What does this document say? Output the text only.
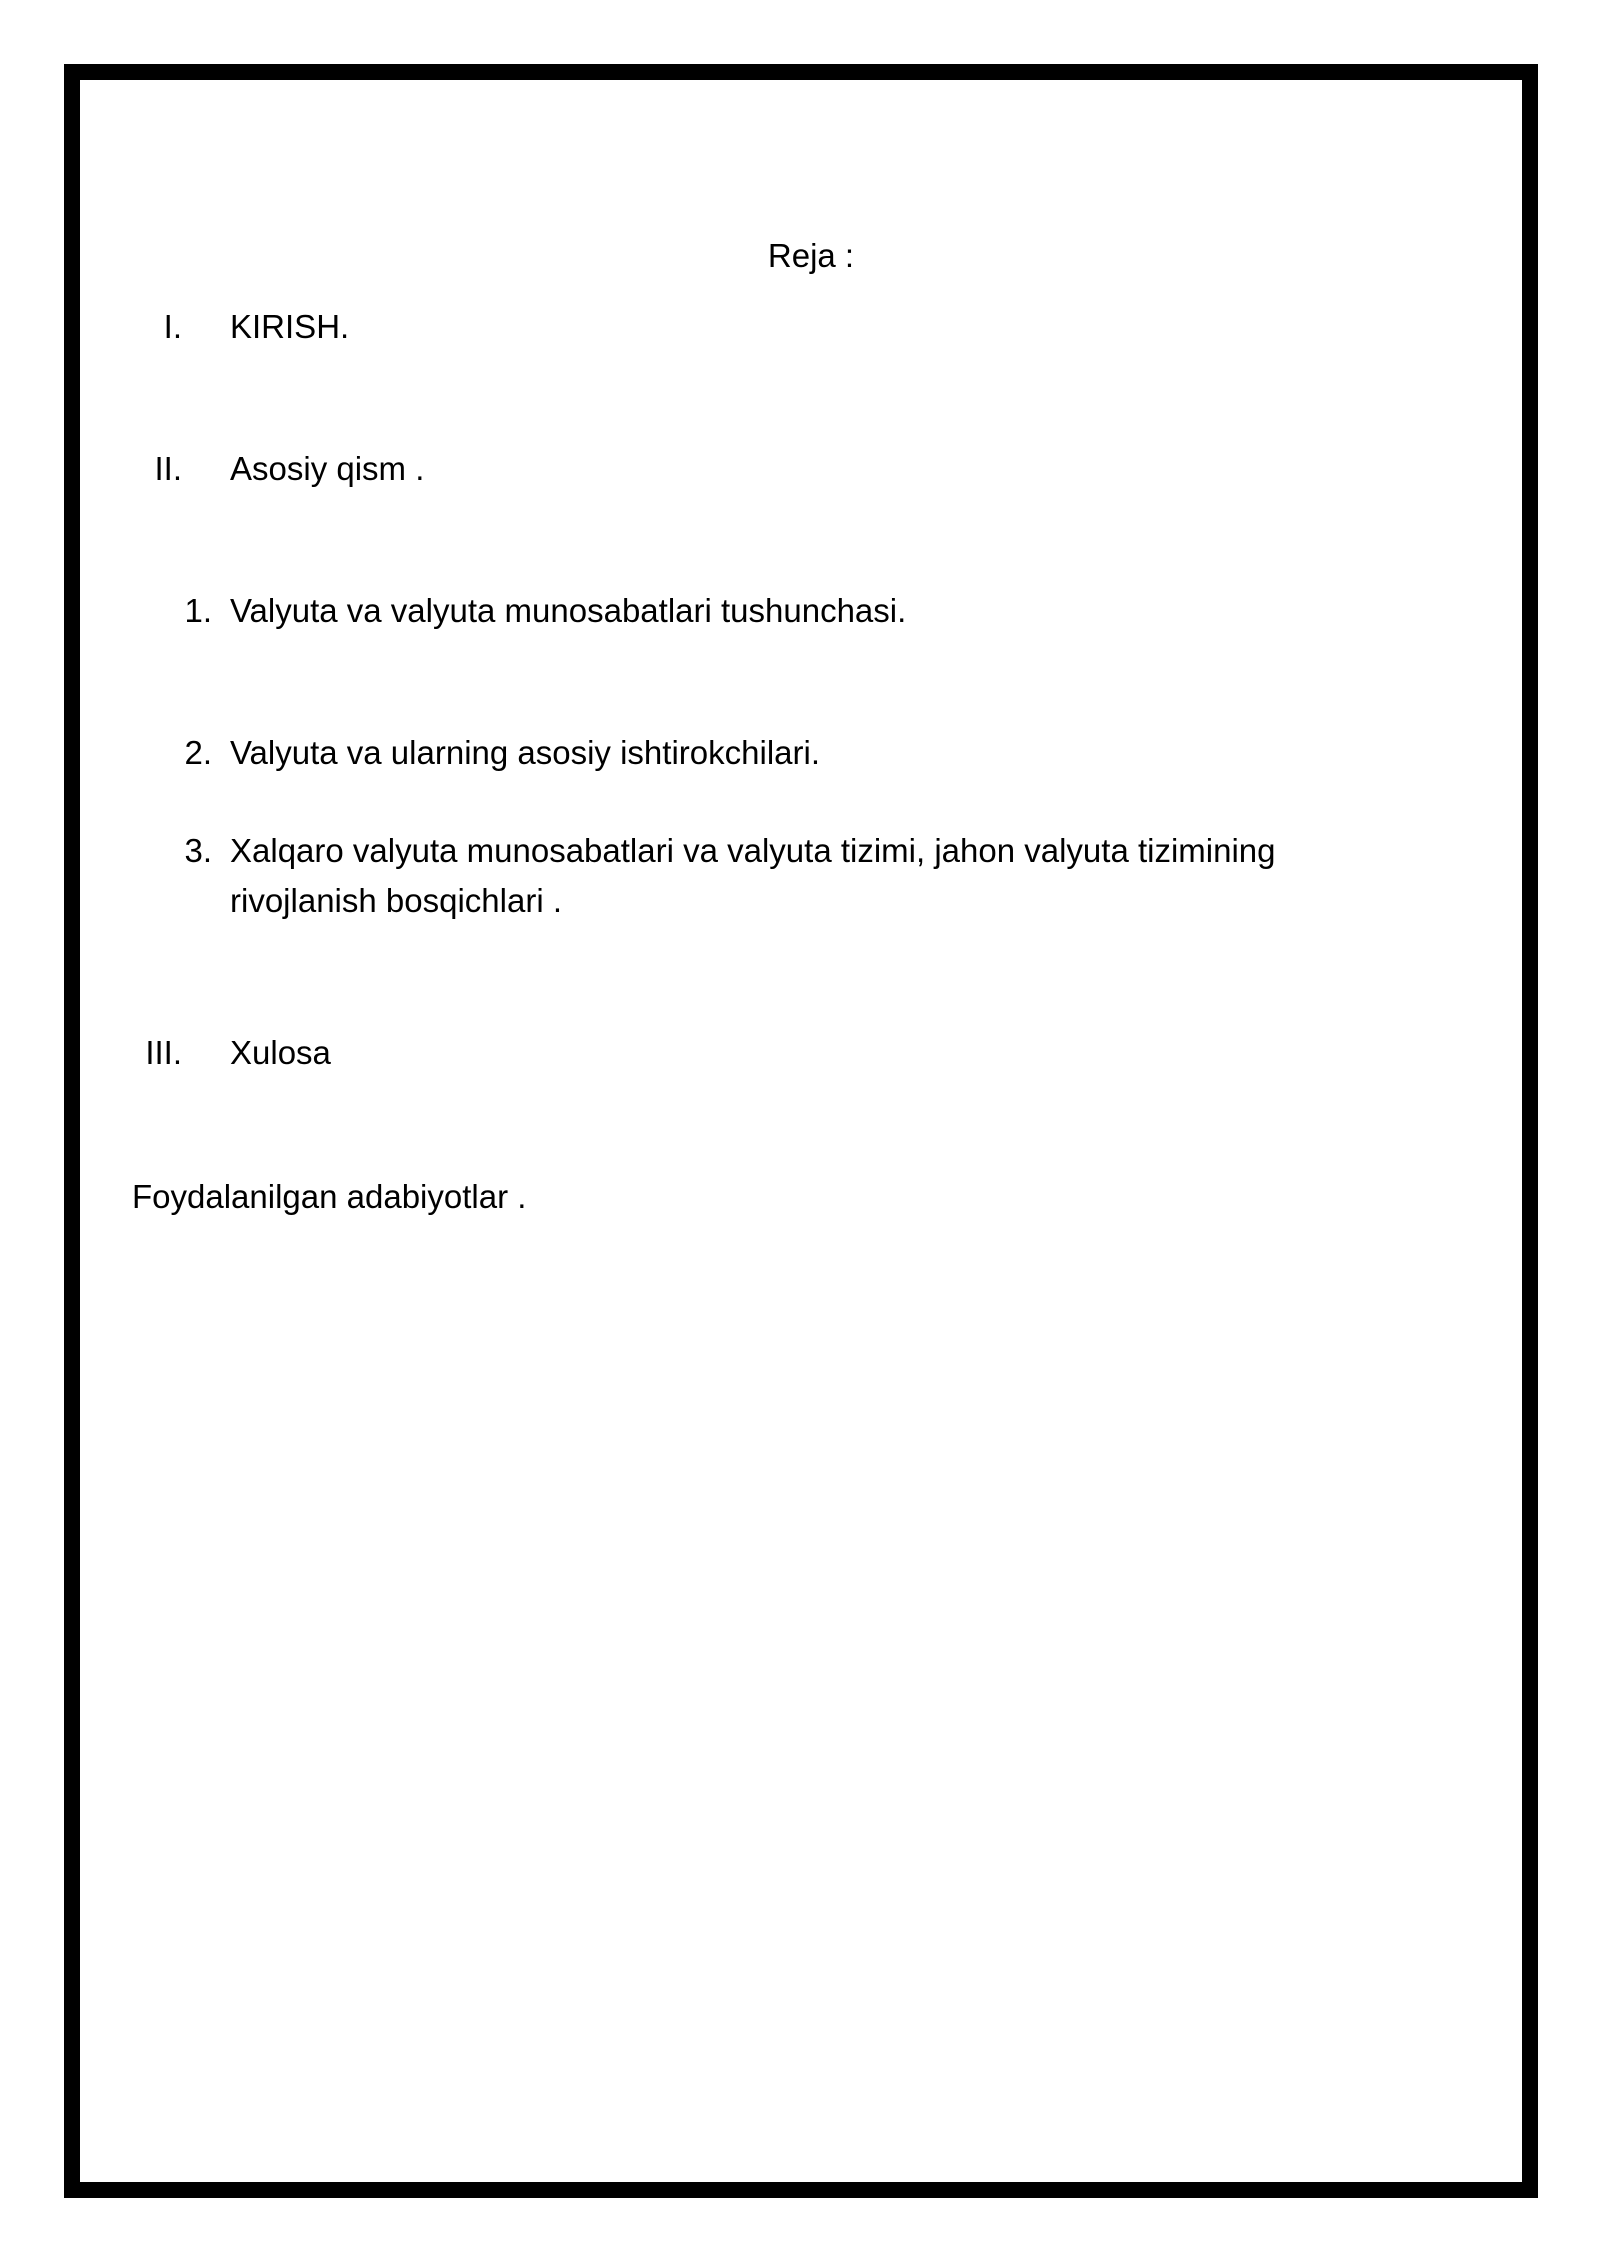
Reja :
I. KIRISH.
II. Asosiy qism .
1. Valyuta va valyuta munosabatlari tushunchasi.
2. Valyuta va ularning asosiy ishtirokchilari.
3. Xalqaro valyuta munosabatlari va valyuta tizimi, jahon valyuta tizimining rivojlanish bosqichlari .
III. Xulosa
Foydalanilgan adabiyotlar .
